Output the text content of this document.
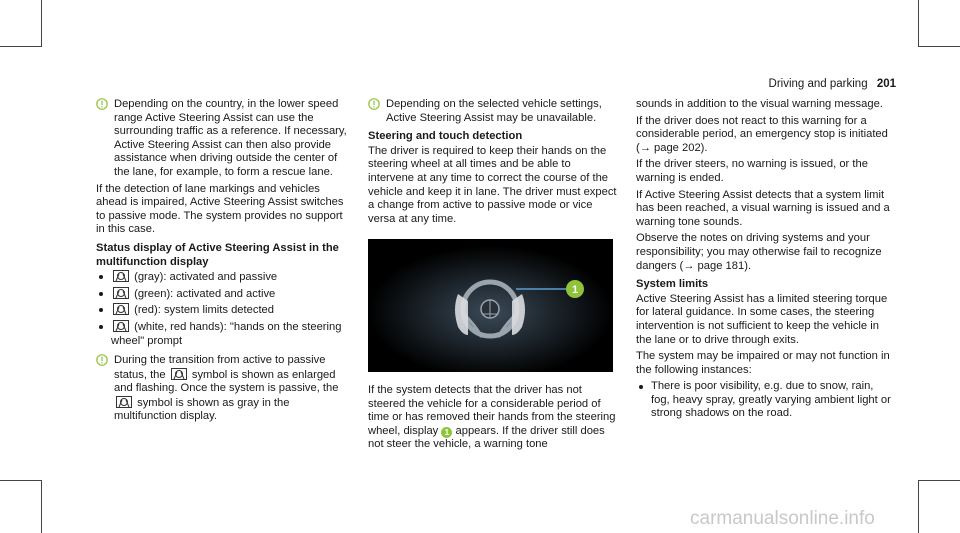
Driving and parking 201
Depending on the country, in the lower speed range Active Steering Assist can use the surrounding traffic as a reference. If necessary, Active Steering Assist can then also provide assistance when driving outside the center of the lane, for example, to form a rescue lane.

If the detection of lane markings and vehicles ahead is impaired, Active Steering Assist switches to passive mode. The system provides no support in this case.

Status display of Active Steering Assist in the multifunction display
(gray): activated and passive
(green): activated and active
(red): system limits detected
(white, red hands): "hands on the steering wheel" prompt
During the transition from active to passive status, the symbol is shown as enlarged and flashing. Once the system is passive, the  symbol is shown as gray in the multifunction display.
Depending on the selected vehicle settings, Active Steering Assist may be unavailable.
Steering and touch detection

The driver is required to keep their hands on the steering wheel at all times and be able to intervene at any time to correct the course of the vehicle and keep it in lane. The driver must expect a change from active to passive mode or vice versa at any time.

1

If the system detects that the driver has not steered the vehicle for a considerable period of time or has removed their hands from the steering wheel, display 1 appears. If the driver still does not steer the vehicle, a warning tone

sounds in addition to the visual warning message.

If the driver does not react to this warning for a considerable period, an emergency stop is initiated (→ page 202).

If the driver steers, no warning is issued, or the warning is ended.

If Active Steering Assist detects that a system limit has been reached, a visual warning is issued and a warning tone sounds.

Observe the notes on driving systems and your responsibility; you may otherwise fail to recognize dangers (→ page 181).

System limits

Active Steering Assist has a limited steering torque for lateral guidance. In some cases, the steering intervention is not sufficient to keep the vehicle in the lane or to drive through exits.

The system may be impaired or may not function in the following instances:

There is poor visibility, e.g. due to snow, rain, fog, heavy spray, greatly varying ambient light or strong shadows on the road.
carmanualsonline.info
